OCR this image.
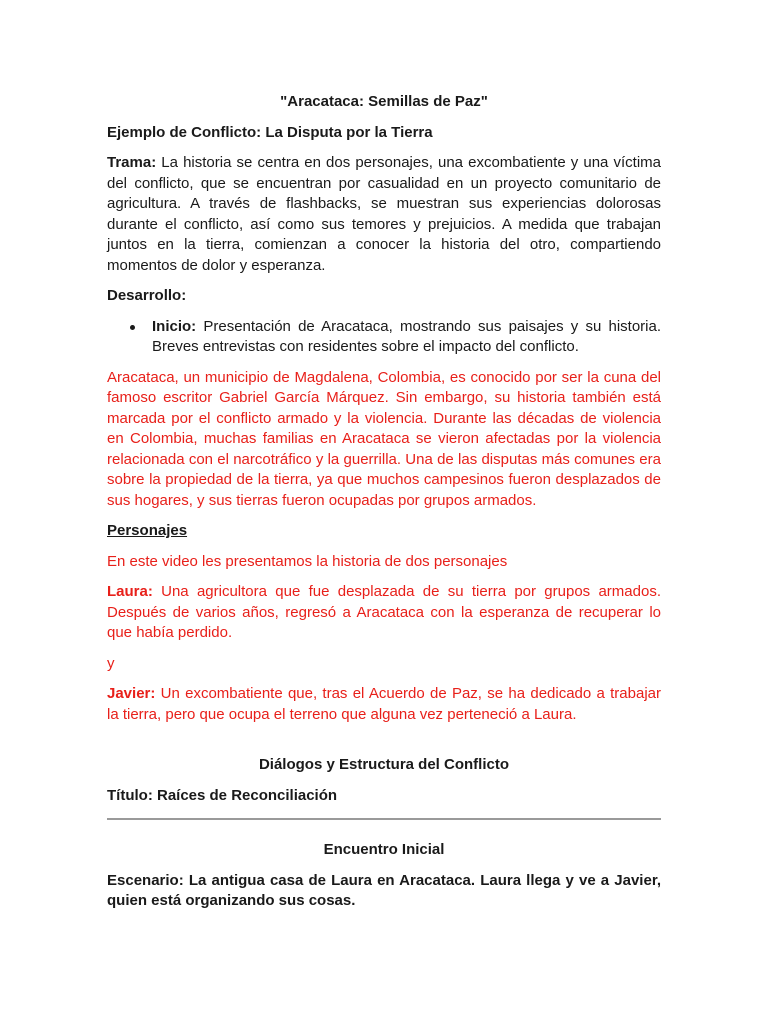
"Aracataca: Semillas de Paz"

Ejemplo de Conflicto: La Disputa por la Tierra

Trama: La historia se centra en dos personajes, una excombatiente y una víctima del conflicto, que se encuentran por casualidad en un proyecto comunitario de agricultura. A través de flashbacks, se muestran sus experiencias dolorosas durante el conflicto, así como sus temores y prejuicios. A medida que trabajan juntos en la tierra, comienzan a conocer la historia del otro, compartiendo momentos de dolor y esperanza.

Desarrollo:

Inicio: Presentación de Aracataca, mostrando sus paisajes y su historia. Breves entrevistas con residentes sobre el impacto del conflicto.

Aracataca, un municipio de Magdalena, Colombia, es conocido por ser la cuna del famoso escritor Gabriel García Márquez. Sin embargo, su historia también está marcada por el conflicto armado y la violencia. Durante las décadas de violencia en Colombia, muchas familias en Aracataca se vieron afectadas por la violencia relacionada con el narcotráfico y la guerrilla. Una de las disputas más comunes era sobre la propiedad de la tierra, ya que muchos campesinos fueron desplazados de sus hogares, y sus tierras fueron ocupadas por grupos armados.

Personajes

En este video les presentamos la historia de dos personajes

Laura: Una agricultora que fue desplazada de su tierra por grupos armados. Después de varios años, regresó a Aracataca con la esperanza de recuperar lo que había perdido.

y

Javier: Un excombatiente que, tras el Acuerdo de Paz, se ha dedicado a trabajar la tierra, pero que ocupa el terreno que alguna vez perteneció a Laura.

Diálogos y Estructura del Conflicto

Título: Raíces de Reconciliación

Encuentro Inicial

Escenario: La antigua casa de Laura en Aracataca. Laura llega y ve a Javier, quien está organizando sus cosas.
